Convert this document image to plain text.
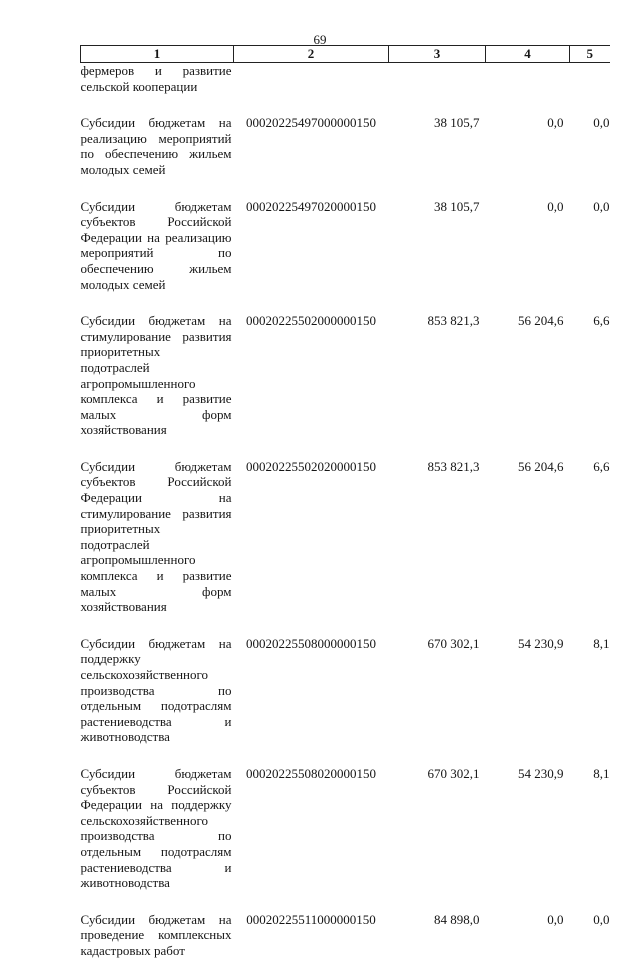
69
1	2	3	4	5
фермеров и развитие сельской кооперации				
Субсидии бюджетам на реализацию мероприятий по обеспечению жильем молодых семей	00020225497000000150	38 105,7	0,0	0,0
Субсидии бюджетам субъектов Российской Федерации на реализацию мероприятий по обеспечению жильем молодых семей	00020225497020000150	38 105,7	0,0	0,0
Субсидии бюджетам на стимулирование развития приоритетных подотраслей агропромышленного комплекса и развитие малых форм хозяйствования	00020225502000000150	853 821,3	56 204,6	6,6
Субсидии бюджетам субъектов Российской Федерации на стимулирование развития приоритетных подотраслей агропромышленного комплекса и развитие малых форм хозяйствования	00020225502020000150	853 821,3	56 204,6	6,6
Субсидии бюджетам на поддержку сельскохозяйственного производства по отдельным подотраслям растениеводства и животноводства	00020225508000000150	670 302,1	54 230,9	8,1
Субсидии бюджетам субъектов Российской Федерации на поддержку сельскохозяйственного производства по отдельным подотраслям растениеводства и животноводства	00020225508020000150	670 302,1	54 230,9	8,1
Субсидии бюджетам на проведение комплексных кадастровых работ	00020225511000000150	84 898,0	0,0	0,0
